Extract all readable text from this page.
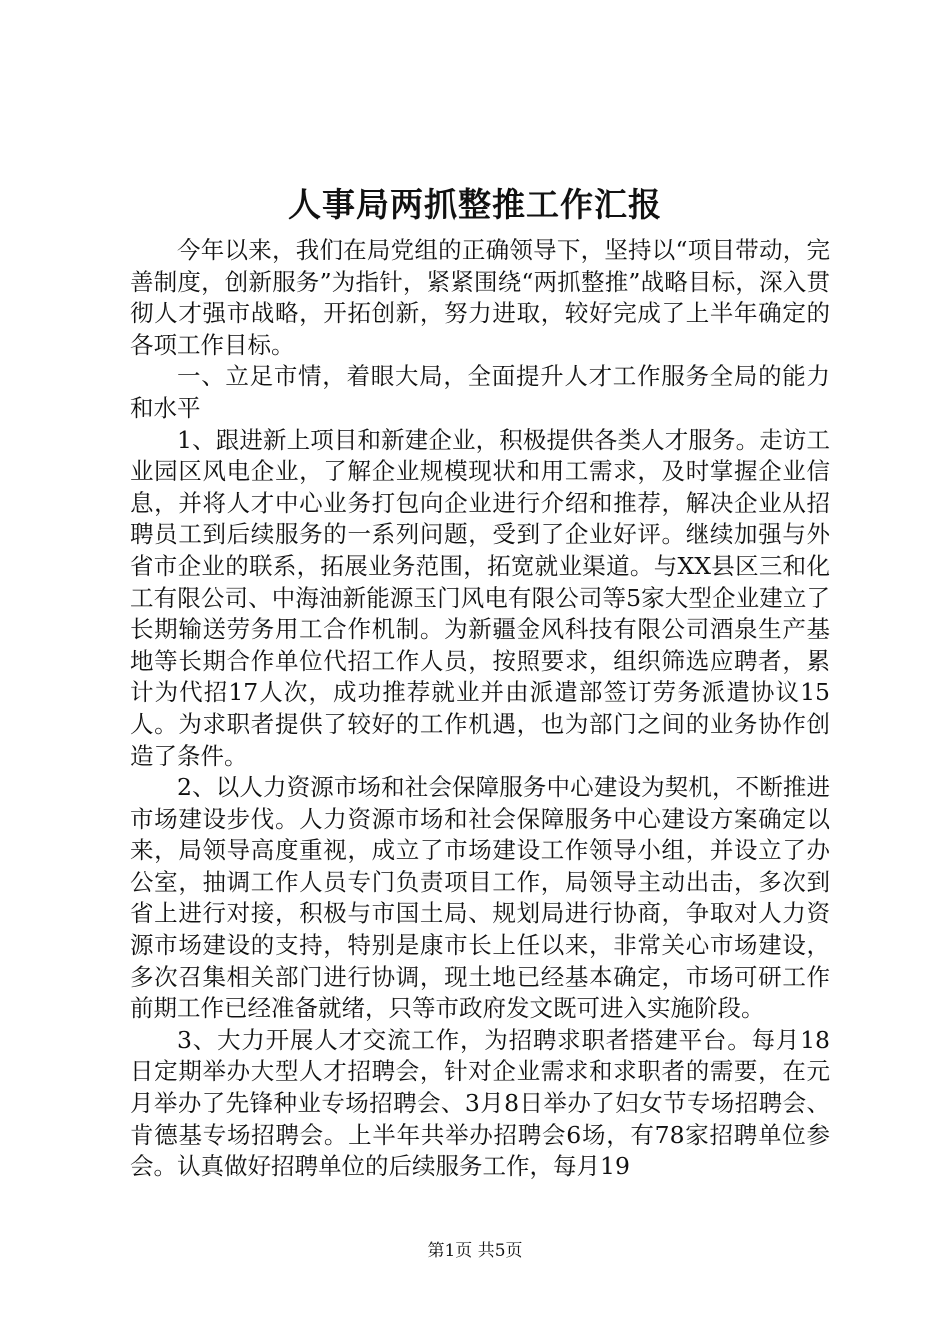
人事局两抓整推工作汇报

今年以来，我们在局党组的正确领导下，坚持以“项目带动，完善制度，创新服务”为指针，紧紧围绕“两抓整推”战略目标，深入贯彻人才强市战略，开拓创新，努力进取，较好完成了上半年确定的各项工作目标。

一、立足市情，着眼大局，全面提升人才工作服务全局的能力和水平

1、跟进新上项目和新建企业，积极提供各类人才服务。走访工业园区风电企业，了解企业规模现状和用工需求，及时掌握企业信息，并将人才中心业务打包向企业进行介绍和推荐，解决企业从招聘员工到后续服务的一系列问题，受到了企业好评。继续加强与外省市企业的联系，拓展业务范围，拓宽就业渠道。与XX县区三和化工有限公司、中海油新能源玉门风电有限公司等5家大型企业建立了长期输送劳务用工合作机制。为新疆金风科技有限公司酒泉生产基地等长期合作单位代招工作人员，按照要求，组织筛选应聘者，累计为代招17人次，成功推荐就业并由派遣部签订劳务派遣协议15人。为求职者提供了较好的工作机遇，也为部门之间的业务协作创造了条件。

2、以人力资源市场和社会保障服务中心建设为契机，不断推进市场建设步伐。人力资源市场和社会保障服务中心建设方案确定以来，局领导高度重视，成立了市场建设工作领导小组，并设立了办公室，抽调工作人员专门负责项目工作，局领导主动出击，多次到省上进行对接，积极与市国土局、规划局进行协商，争取对人力资源市场建设的支持，特别是康市长上任以来，非常关心市场建设，多次召集相关部门进行协调，现土地已经基本确定，市场可研工作前期工作已经准备就绪，只等市政府发文既可进入实施阶段。

3、大力开展人才交流工作，为招聘求职者搭建平台。每月18日定期举办大型人才招聘会，针对企业需求和求职者的需要，在元月举办了先锋种业专场招聘会、3月8日举办了妇女节专场招聘会、肯德基专场招聘会。上半年共举办招聘会6场，有78家招聘单位参会。认真做好招聘单位的后续服务工作，每月19

第1页 共5页
